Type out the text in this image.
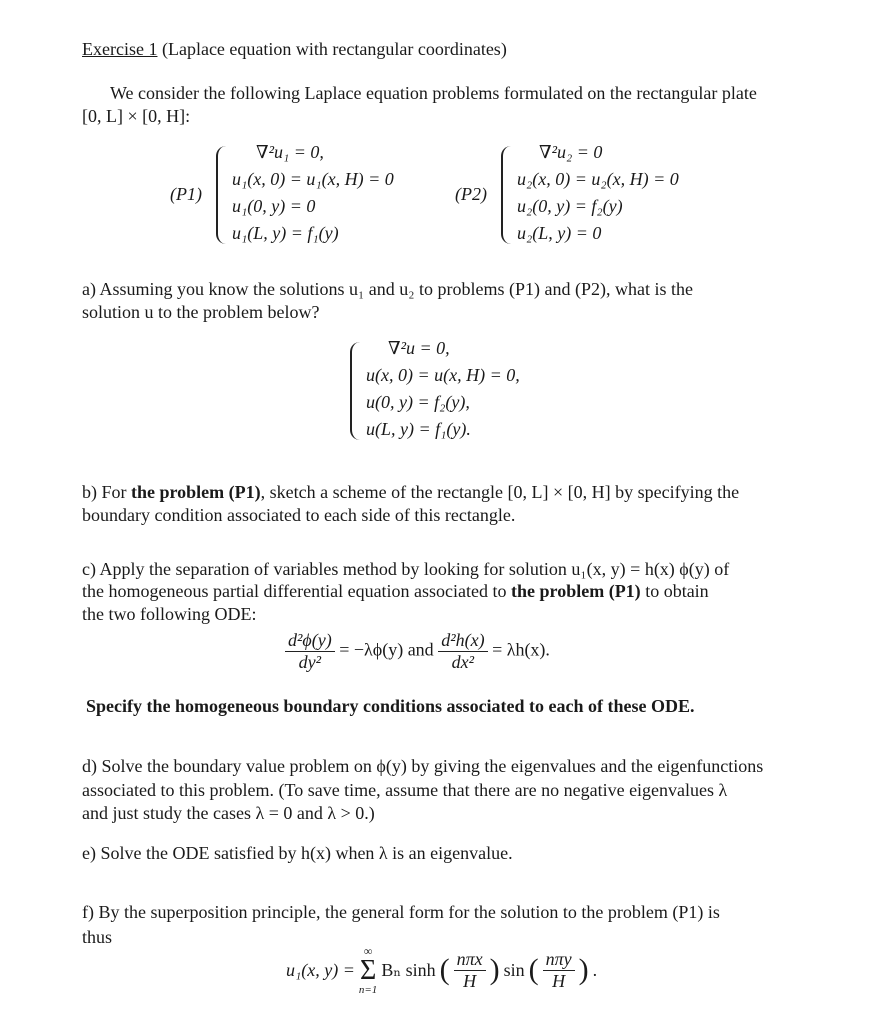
Exercise 1 (Laplace equation with rectangular coordinates)
We consider the following Laplace equation problems formulated on the rectangular plate
[0, L] × [0, H]:
(P1)
∇²u₁ = 0,
u₁(x, 0) = u₁(x, H) = 0
u₁(0, y) = 0
u₁(L, y) = f₁(y)
(P2)
∇²u₂ = 0
u₂(x, 0) = u₂(x, H) = 0
u₂(0, y) = f₂(y)
u₂(L, y) = 0
a) Assuming you know the solutions u₁ and u₂ to problems (P1) and (P2), what is the
solution u to the problem below?
∇²u = 0,
u(x, 0) = u(x, H) = 0,
u(0, y) = f₂(y),
u(L, y) = f₁(y).
b) For the problem (P1), sketch a scheme of the rectangle [0, L] × [0, H] by specifying the
boundary condition associated to each side of this rectangle.
c) Apply the separation of variables method by looking for solution u₁(x, y) = h(x) ϕ(y) of
the homogeneous partial differential equation associated to the problem (P1) to obtain
the two following ODE:
$\frac{\text{d²ϕ(y)}}{\text{dy²}} = -\lambda\phi(y)$ and $\frac{\text{d²h(x)}}{\text{dx²}} = \lambda h(x)$.
Specify the homogeneous boundary conditions associated to each of these ODE.
d) Solve the boundary value problem on ϕ(y) by giving the eigenvalues and the eigenfunctions
associated to this problem. (To save time, assume that there are no negative eigenvalues λ
and just study the cases λ = 0 and λ > 0.)
e) Solve the ODE satisfied by h(x) when λ is an eigenvalue.
f) By the superposition principle, the general form for the solution to the problem (P1) is
thus
u₁(x, y) =
∞
Σ
n=1
Bₙ sinh ( $\frac{\text{nπx}}{H}$ ) sin ( $\frac{\text{nπy}}{H}$ ) .
